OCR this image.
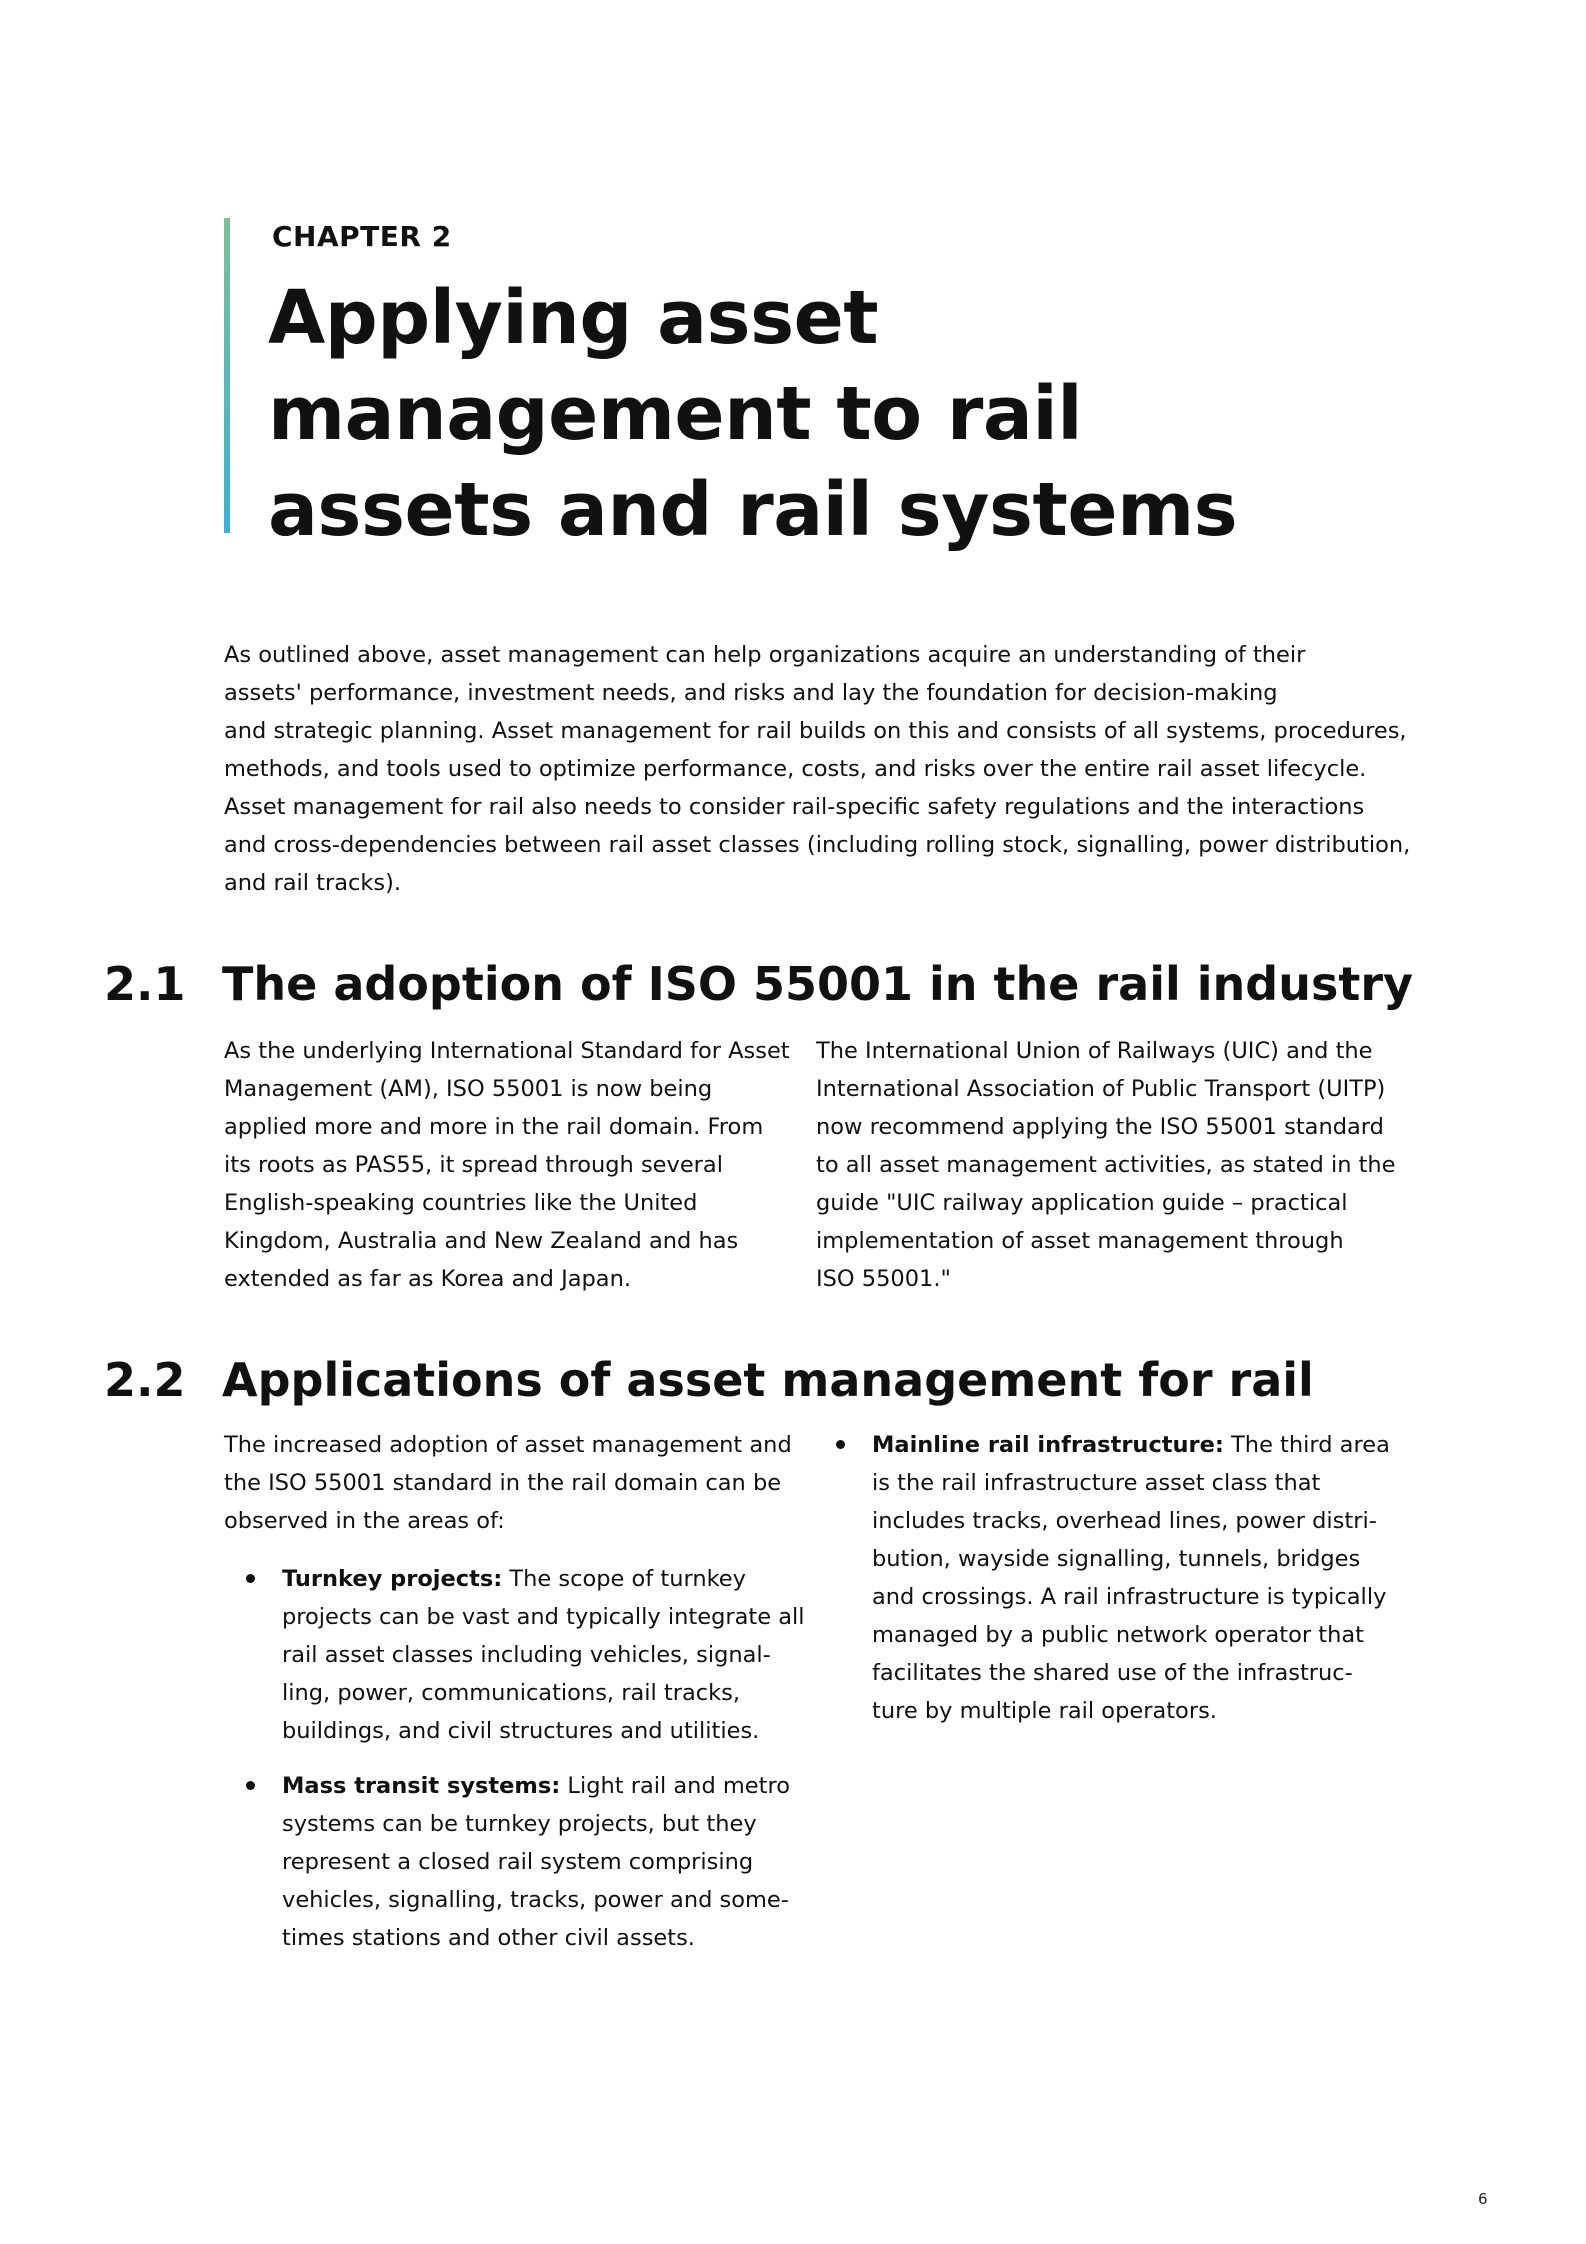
CHAPTER 2
Applying asset
management to rail
assets and rail systems
As outlined above, asset management can help organizations acquire an understanding of their
assets' performance, investment needs, and risks and lay the foundation for decision-making
and strategic planning. Asset management for rail builds on this and consists of all systems, procedures,
methods, and tools used to optimize performance, costs, and risks over the entire rail asset lifecycle.
Asset management for rail also needs to consider rail-specific safety regulations and the interactions
and cross-dependencies between rail asset classes (including rolling stock, signalling, power distribution,
and rail tracks).
2.1 The adoption of ISO 55001 in the rail industry
As the underlying International Standard for Asset
Management (AM), ISO 55001 is now being
applied more and more in the rail domain. From
its roots as PAS55, it spread through several
English-speaking countries like the United
Kingdom, Australia and New Zealand and has
extended as far as Korea and Japan.
The International Union of Railways (UIC) and the
International Association of Public Transport (UITP)
now recommend applying the ISO 55001 standard
to all asset management activities, as stated in the
guide "UIC railway application guide – practical
implementation of asset management through
ISO 55001."
2.2 Applications of asset management for rail
The increased adoption of asset management and
the ISO 55001 standard in the rail domain can be
observed in the areas of:
Turnkey projects: The scope of turnkey
projects can be vast and typically integrate all
rail asset classes including vehicles, signal-
ling, power, communications, rail tracks,
buildings, and civil structures and utilities.
Mass transit systems: Light rail and metro
systems can be turnkey projects, but they
represent a closed rail system comprising
vehicles, signalling, tracks, power and some-
times stations and other civil assets.
Mainline rail infrastructure: The third area
is the rail infrastructure asset class that
includes tracks, overhead lines, power distri-
bution, wayside signalling, tunnels, bridges
and crossings. A rail infrastructure is typically
managed by a public network operator that
facilitates the shared use of the infrastruc-
ture by multiple rail operators.
6
